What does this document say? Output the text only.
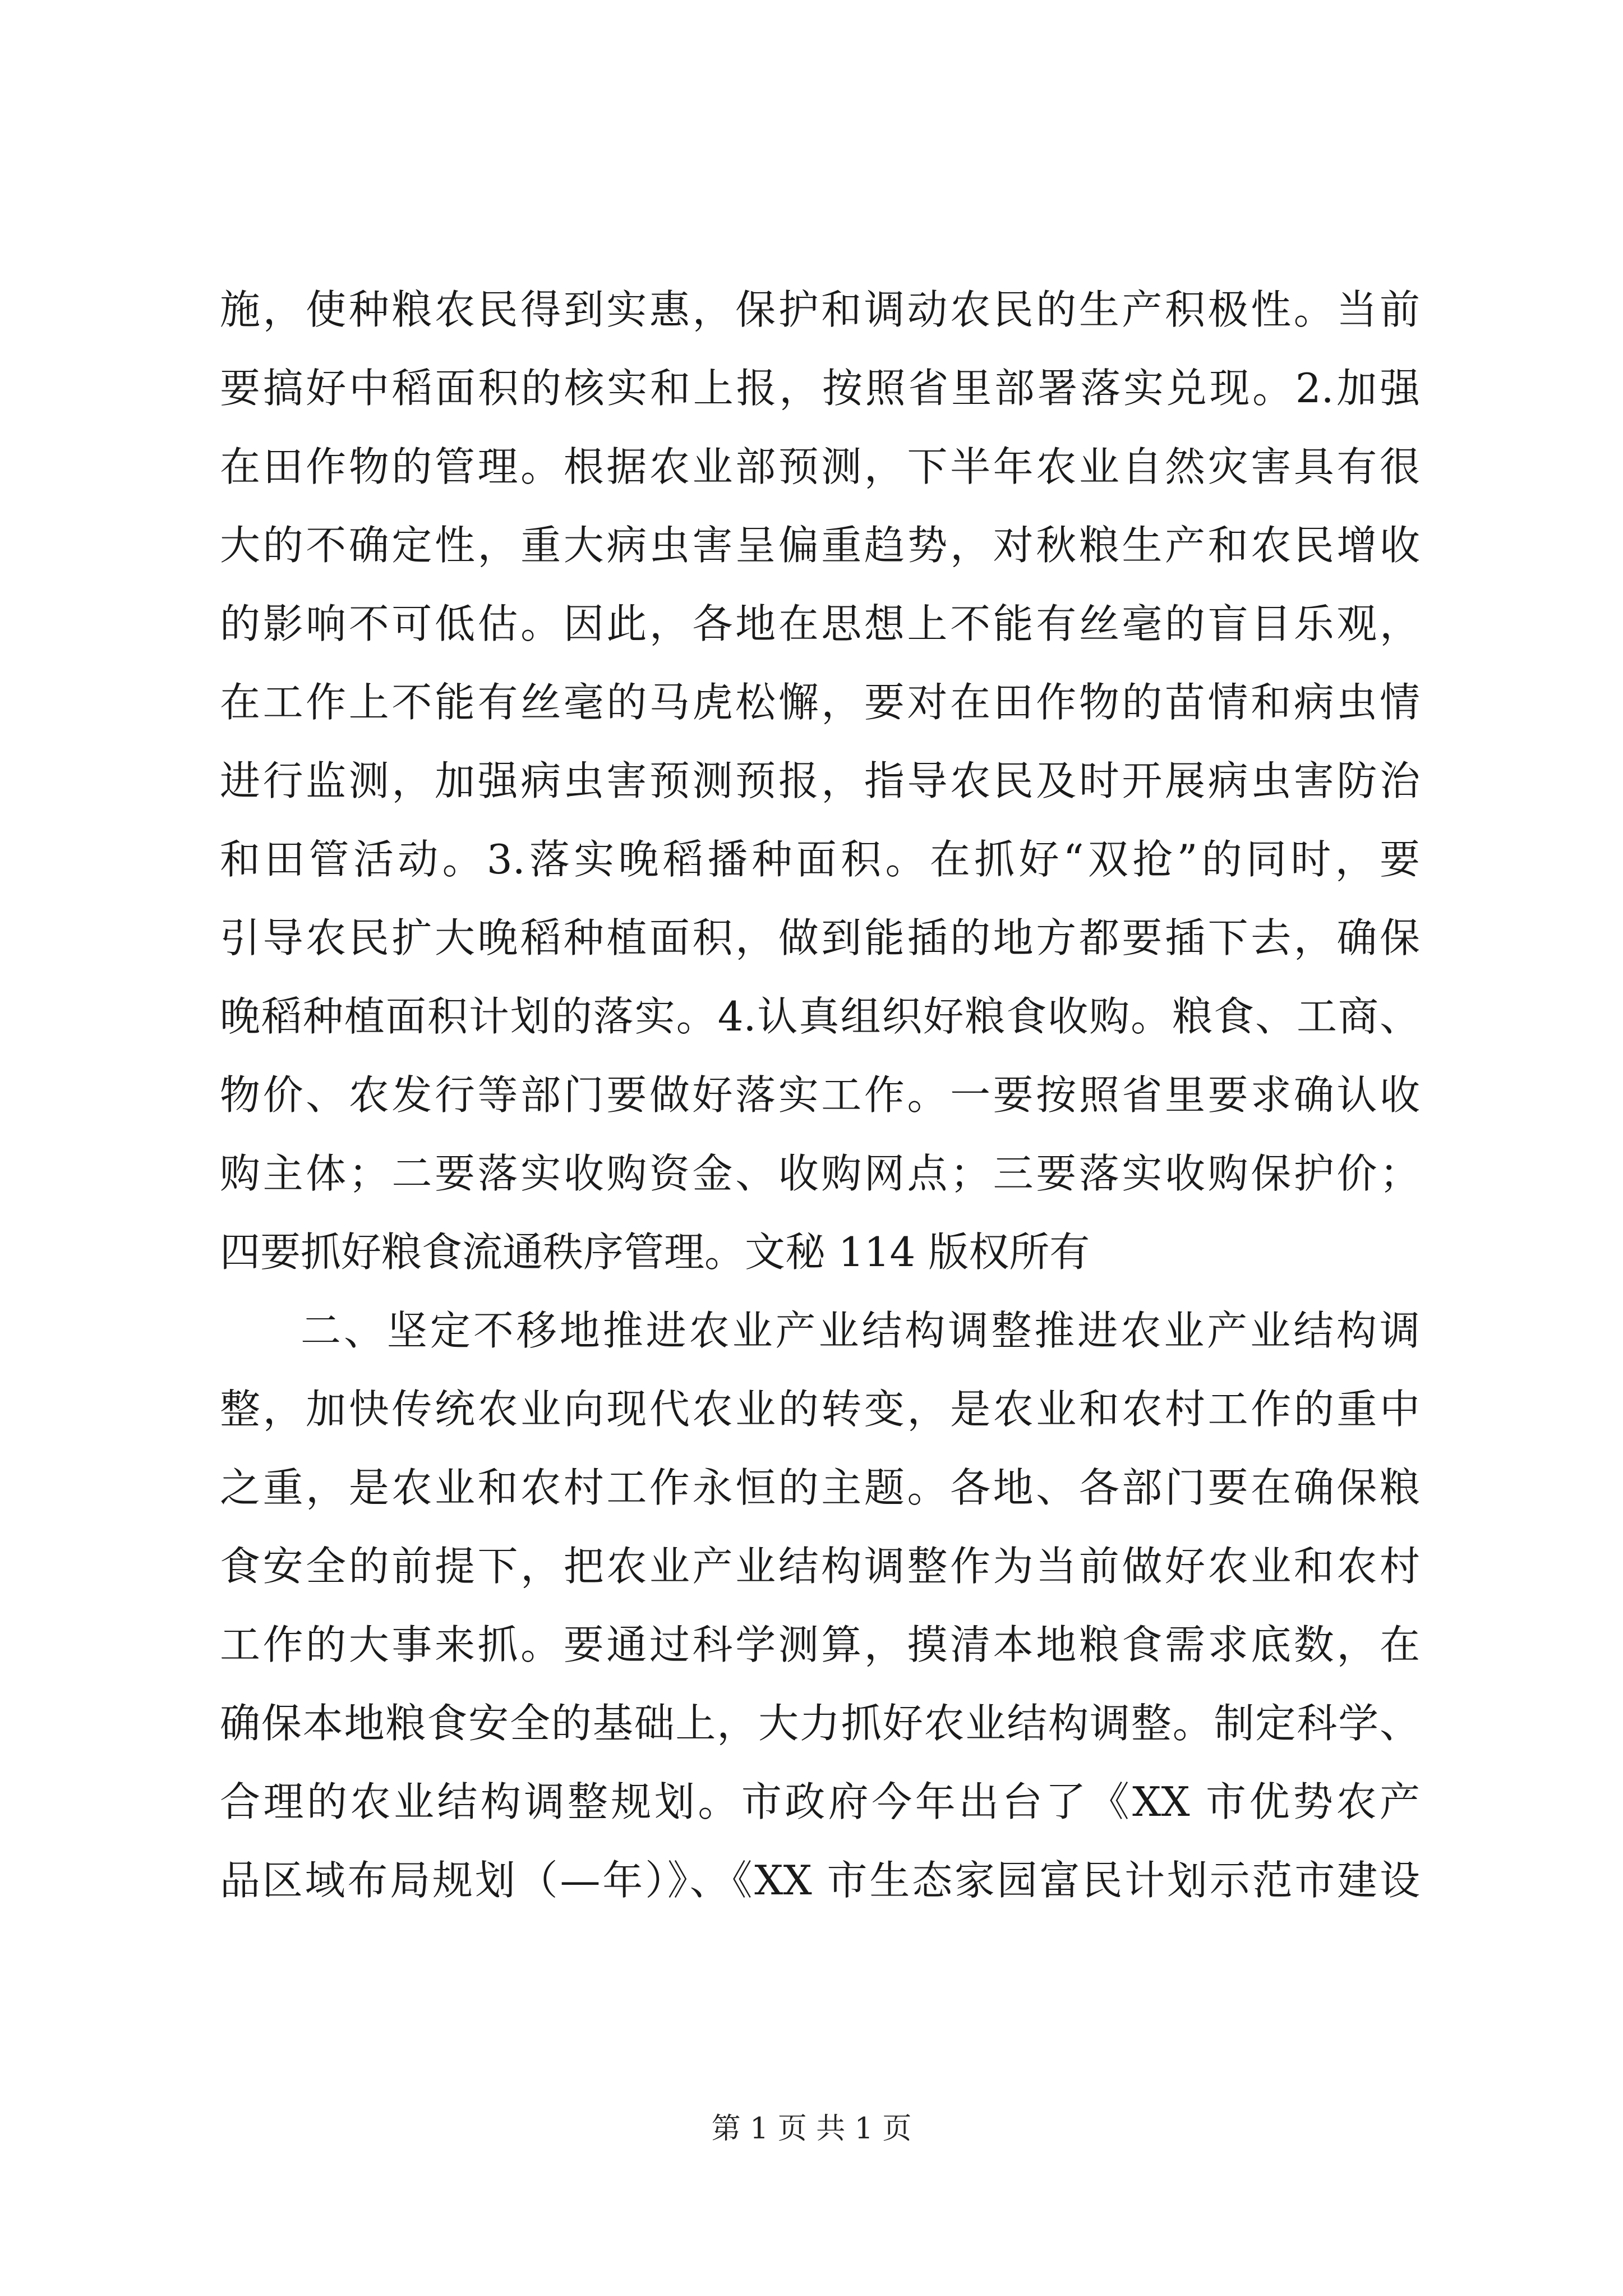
施，使种粮农民得到实惠，保护和调动农民的生产积极性。当前
要搞好中稻面积的核实和上报，按照省里部署落实兑现。2.加强
在田作物的管理。根据农业部预测，下半年农业自然灾害具有很
大的不确定性，重大病虫害呈偏重趋势，对秋粮生产和农民增收
的影响不可低估。因此，各地在思想上不能有丝毫的盲目乐观，
在工作上不能有丝毫的马虎松懈，要对在田作物的苗情和病虫情
进行监测，加强病虫害预测预报，指导农民及时开展病虫害防治
和田管活动。3.落实晚稻播种面积。在抓好“双抢”的同时，要
引导农民扩大晚稻种植面积，做到能插的地方都要插下去，确保
晚稻种植面积计划的落实。4.认真组织好粮食收购。粮食、工商、
物价、农发行等部门要做好落实工作。一要按照省里要求确认收
购主体；二要落实收购资金、收购网点；三要落实收购保护价；
四要抓好粮食流通秩序管理。文秘 114 版权所有
二、坚定不移地推进农业产业结构调整推进农业产业结构调
整，加快传统农业向现代农业的转变，是农业和农村工作的重中
之重，是农业和农村工作永恒的主题。各地、各部门要在确保粮
食安全的前提下，把农业产业结构调整作为当前做好农业和农村
工作的大事来抓。要通过科学测算，摸清本地粮食需求底数，在
确保本地粮食安全的基础上，大力抓好农业结构调整。制定科学、
合理的农业结构调整规划。市政府今年出台了《XX 市优势农产
品区域布局规划（—年）》、《XX 市生态家园富民计划示范市建设
第 1 页 共 1 页
